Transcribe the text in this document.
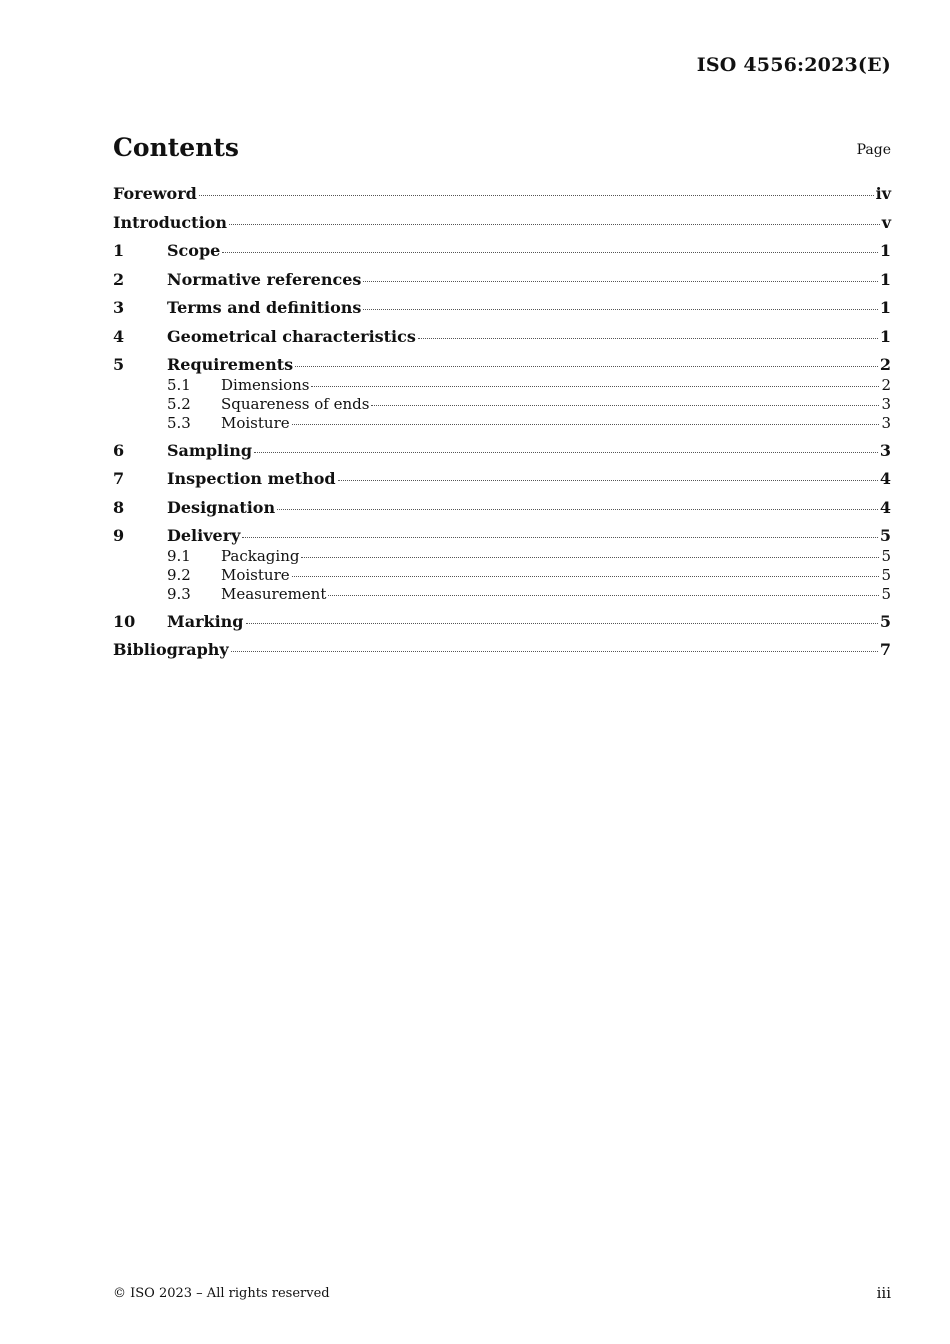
ISO 4556:2023(E)
Contents	Page
Foreword	iv
Introduction	v
1	Scope	1
2	Normative references	1
3	Terms and definitions	1
4	Geometrical characteristics	1
5	Requirements	2
5.1	Dimensions	2
5.2	Squareness of ends	3
5.3	Moisture	3
6	Sampling	3
7	Inspection method	4
8	Designation	4
9	Delivery	5
9.1	Packaging	5
9.2	Moisture	5
9.3	Measurement	5
10	Marking	5
Bibliography	7
© ISO 2023 – All rights reserved	iii
